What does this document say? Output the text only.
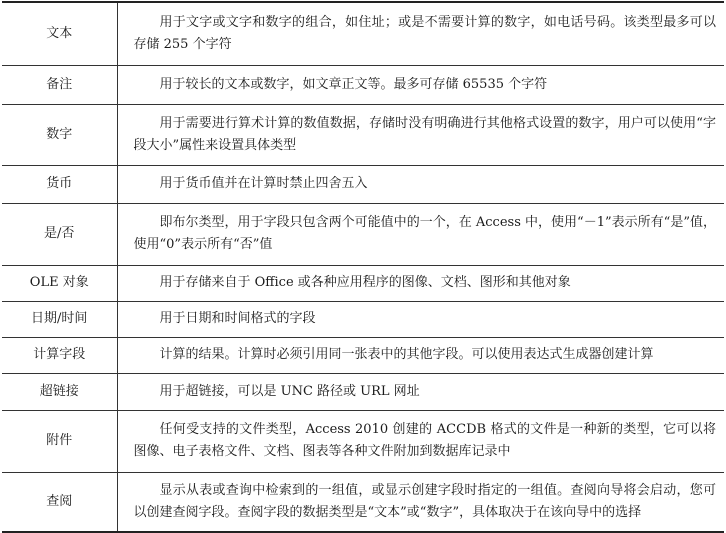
文本	用于文字或文字和数字的组合，如住址；或是不需要计算的数字，如电话号码。该类型最多可以存储 255 个字符
备注	用于较长的文本或数字，如文章正文等。最多可存储 65535 个字符
数字	用于需要进行算术计算的数值数据，存储时没有明确进行其他格式设置的数字，用户可以使用“字段大小”属性来设置具体类型
货币	用于货币值并在计算时禁止四舍五入
是/否	即布尔类型，用于字段只包含两个可能值中的一个，在 Access 中，使用“－1”表示所有“是”值，使用“0”表示所有“否”值
OLE 对象	用于存储来自于 Office 或各种应用程序的图像、文档、图形和其他对象
日期/时间	用于日期和时间格式的字段
计算字段	计算的结果。计算时必须引用同一张表中的其他字段。可以使用表达式生成器创建计算
超链接	用于超链接，可以是 UNC 路径或 URL 网址
附件	任何受支持的文件类型，Access 2010 创建的 ACCDB 格式的文件是一种新的类型，它可以将图像、电子表格文件、文档、图表等各种文件附加到数据库记录中
查阅	显示从表或查询中检索到的一组值，或显示创建字段时指定的一组值。查阅向导将会启动，您可以创建查阅字段。查阅字段的数据类型是“文本”或“数字”，具体取决于在该向导中的选择
